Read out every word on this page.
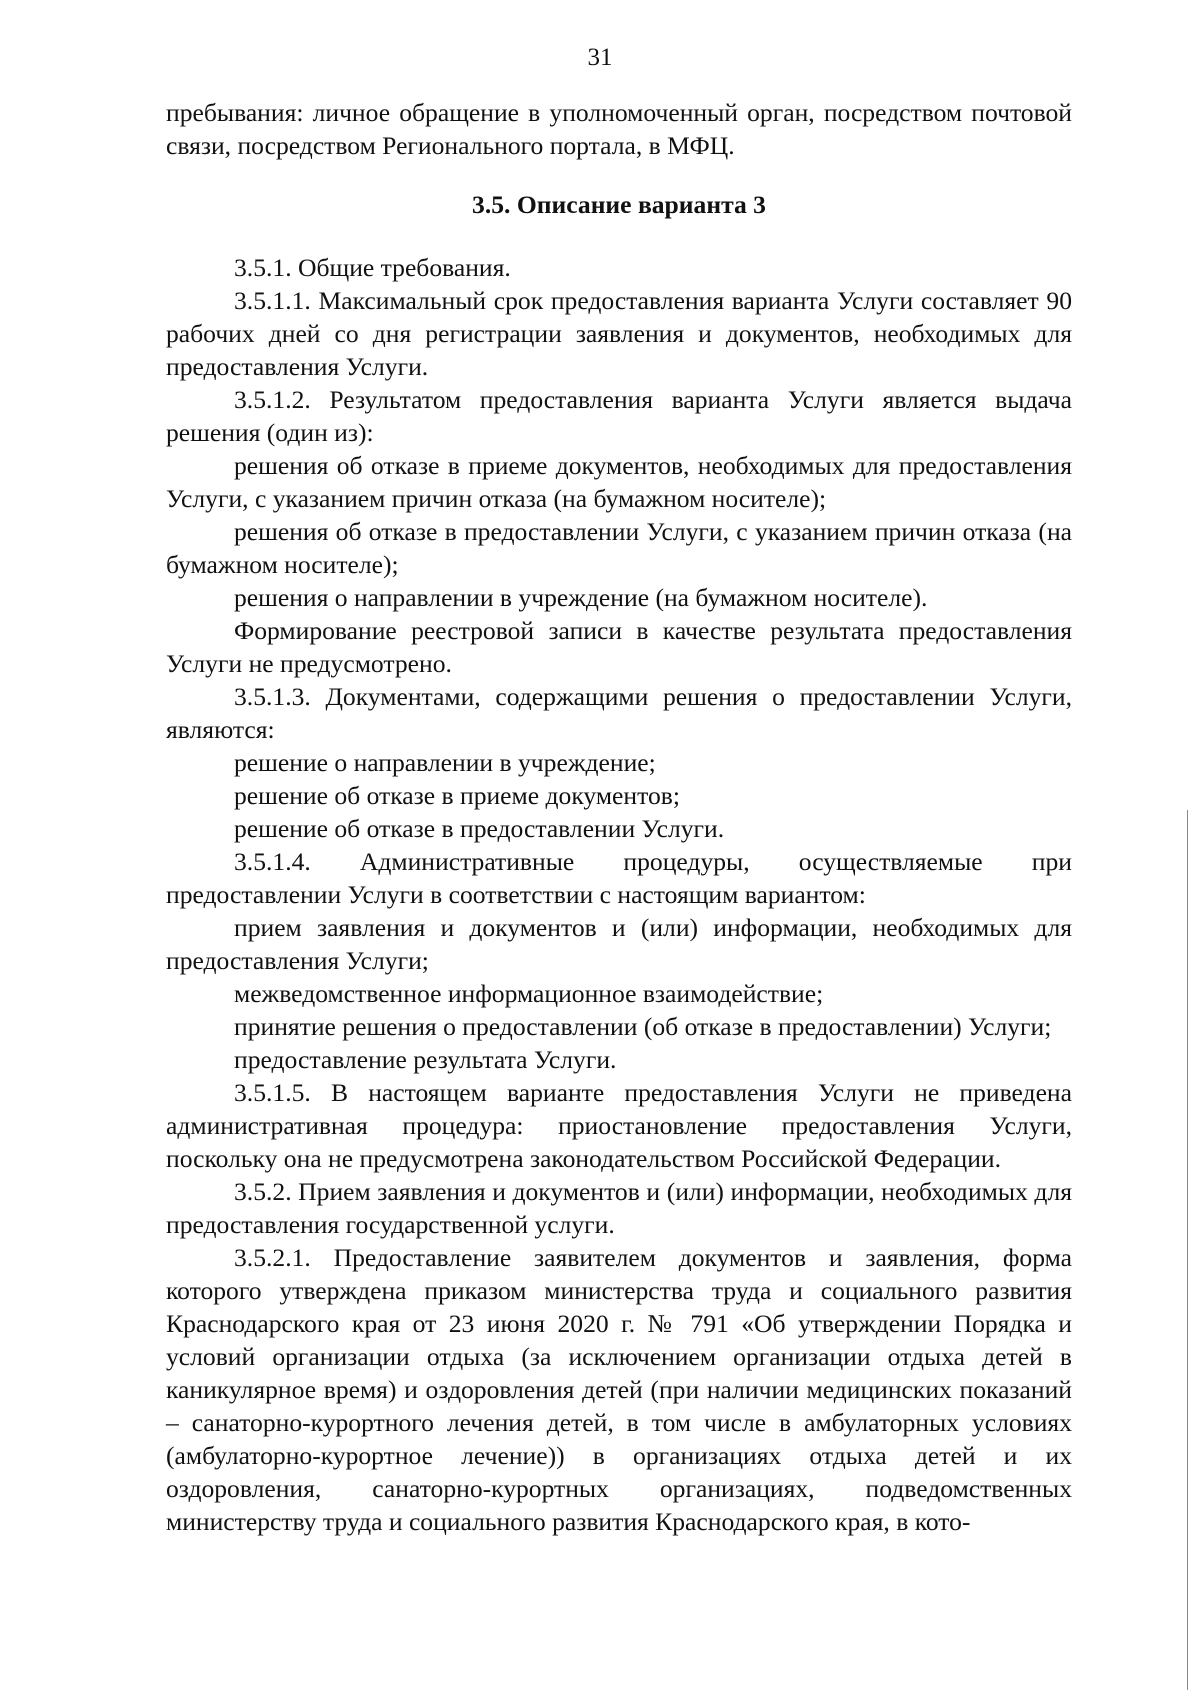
31

пребывания: личное обращение в уполномоченный орган, посредством почтовой связи, посредством Регионального портала, в МФЦ.

3.5. Описание варианта 3

3.5.1. Общие требования.

3.5.1.1. Максимальный срок предоставления варианта Услуги составляет 90 рабочих дней со дня регистрации заявления и документов, необходимых для предоставления Услуги.

3.5.1.2. Результатом предоставления варианта Услуги является выдача решения (один из):

решения об отказе в приеме документов, необходимых для предоставления Услуги, с указанием причин отказа (на бумажном носителе);

решения об отказе в предоставлении Услуги, с указанием причин отказа (на бумажном носителе);

решения о направлении в учреждение (на бумажном носителе).

Формирование реестровой записи в качестве результата предоставления Услуги не предусмотрено.

3.5.1.3. Документами, содержащими решения о предоставлении Услуги, являются:

решение о направлении в учреждение;

решение об отказе в приеме документов;

решение об отказе в предоставлении Услуги.

3.5.1.4. Административные процедуры, осуществляемые при предоставлении Услуги в соответствии с настоящим вариантом:

прием заявления и документов и (или) информации, необходимых для предоставления Услуги;

межведомственное информационное взаимодействие;

принятие решения о предоставлении (об отказе в предоставлении) Услуги;

предоставление результата Услуги.

3.5.1.5. В настоящем варианте предоставления Услуги не приведена административная процедура: приостановление предоставления Услуги, поскольку она не предусмотрена законодательством Российской Федерации.

3.5.2. Прием заявления и документов и (или) информации, необходимых для предоставления государственной услуги.

3.5.2.1. Предоставление заявителем документов и заявления, форма которого утверждена приказом министерства труда и социального развития Краснодарского края от 23 июня 2020 г. № 791 «Об утверждении Порядка и условий организации отдыха (за исключением организации отдыха детей в каникулярное время) и оздоровления детей (при наличии медицинских показаний – санаторно-курортного лечения детей, в том числе в амбулаторных условиях (амбулаторно-курортное лечение)) в организациях отдыха детей и их оздоровления, санаторно-курортных организациях, подведомственных министерству труда и социального развития Краснодарского края, в кото-
